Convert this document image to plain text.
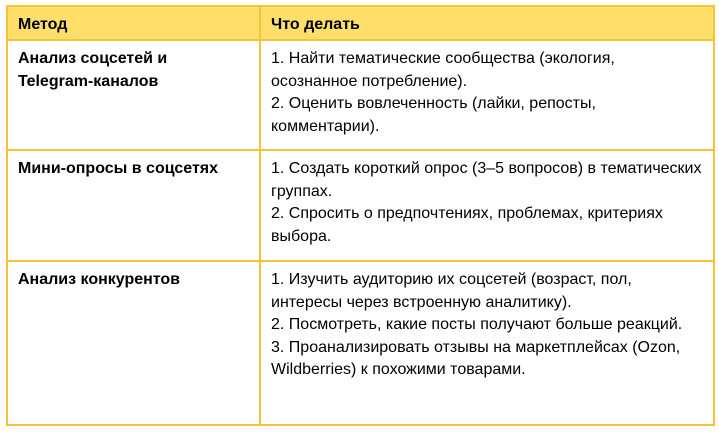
Метод	Что делать
Анализ соцсетей и Telegram‑каналов	1. Найти тематические сообщества (экология, осознанное потребление).
2. Оценить вовлеченность (лайки, репосты, комментарии).

Мини‑опросы в соцсетях	1. Создать короткий опрос (3–5 вопросов) в тематических группах.
2. Спросить о предпочтениях, проблемах, критериях выбора.

Анализ конкурентов	1. Изучить аудиторию их соцсетей (возраст, пол, интересы через встроенную аналитику).
2. Посмотреть, какие посты получают больше реакций.
3. Проанализировать отзывы на маркетплейсах (Ozon, Wildberries) к похожими товарами.
